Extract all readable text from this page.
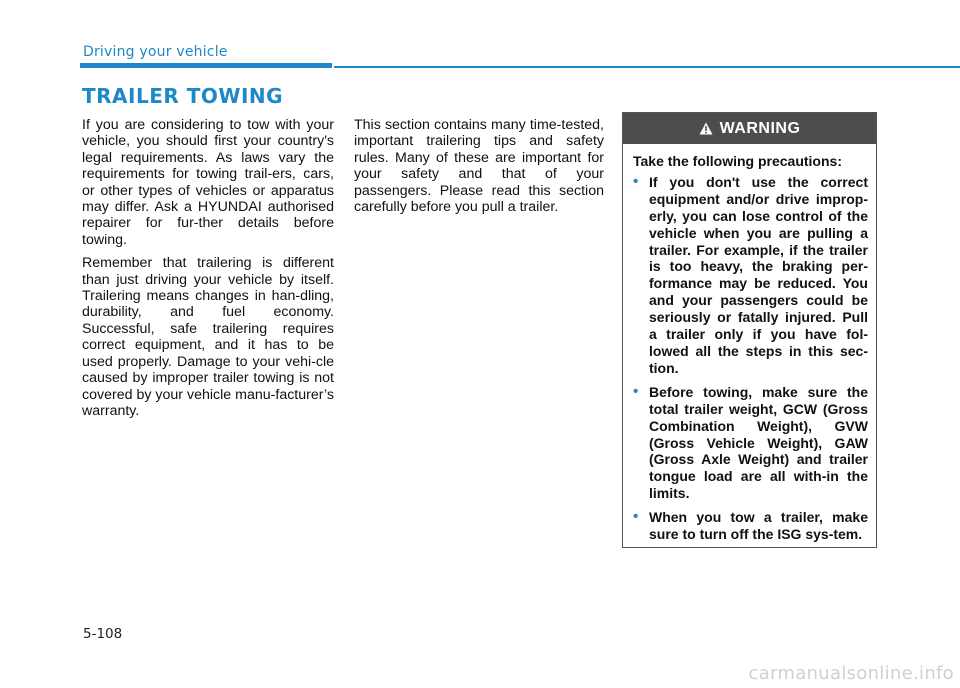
Driving your vehicle
TRAILER TOWING

If you are considering to tow with your vehicle, you should first your country's legal requirements. As laws vary the requirements for towing trail-ers, cars, or other types of vehicles or apparatus may differ. Ask a HYUNDAI authorised repairer for fur-ther details before towing.

Remember that trailering is different than just driving your vehicle by itself. Trailering means changes in han-dling, durability, and fuel economy. Successful, safe trailering requires correct equipment, and it has to be used properly. Damage to your vehi-cle caused by improper trailer towing is not covered by your vehicle manu-facturer’s warranty.

This section contains many time-tested, important trailering tips and safety rules. Many of these are important for your safety and that of your passengers. Please read this section carefully before you pull a trailer.

WARNING

Take the following precautions:

• If you don't use the correct equipment and/or drive improp-erly, you can lose control of the vehicle when you are pulling a trailer. For example, if the trailer is too heavy, the braking per-formance may be reduced. You and your passengers could be seriously or fatally injured. Pull a trailer only if you have fol-lowed all the steps in this sec-tion.
• Before towing, make sure the total trailer weight, GCW (Gross Combination Weight), GVW (Gross Vehicle Weight), GAW (Gross Axle Weight) and trailer tongue load are all with-in the limits.
• When you tow a trailer, make sure to turn off the ISG sys-tem.
5-108
carmanualsonline.info
